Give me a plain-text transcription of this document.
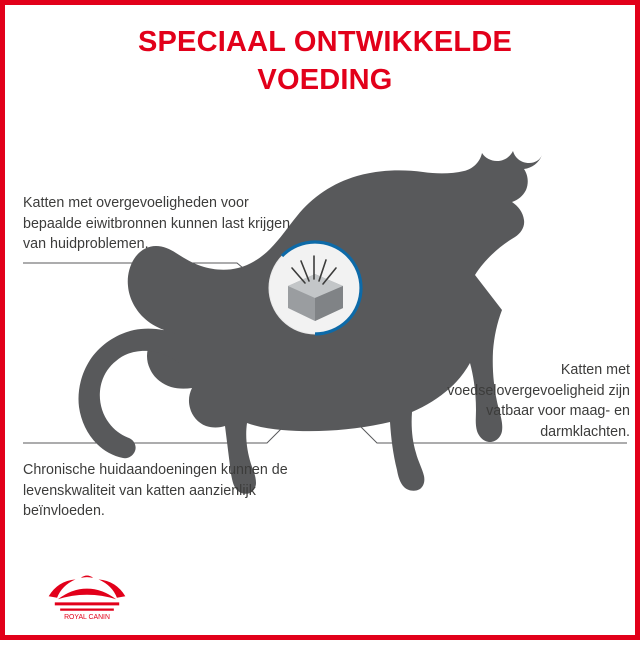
SPECIAAL ONTWIKKELDE
VOEDING
Katten met overgevoeligheden voor bepaalde eiwitbronnen kunnen last krijgen van huidproblemen.
Chronische huidaandoeningen kunnen de levenskwaliteit van katten aanzienlijk beïnvloeden.
Katten met voedselovergevoeligheid zijn vatbaar voor maag- en darmklachten.
ROYAL CANIN
